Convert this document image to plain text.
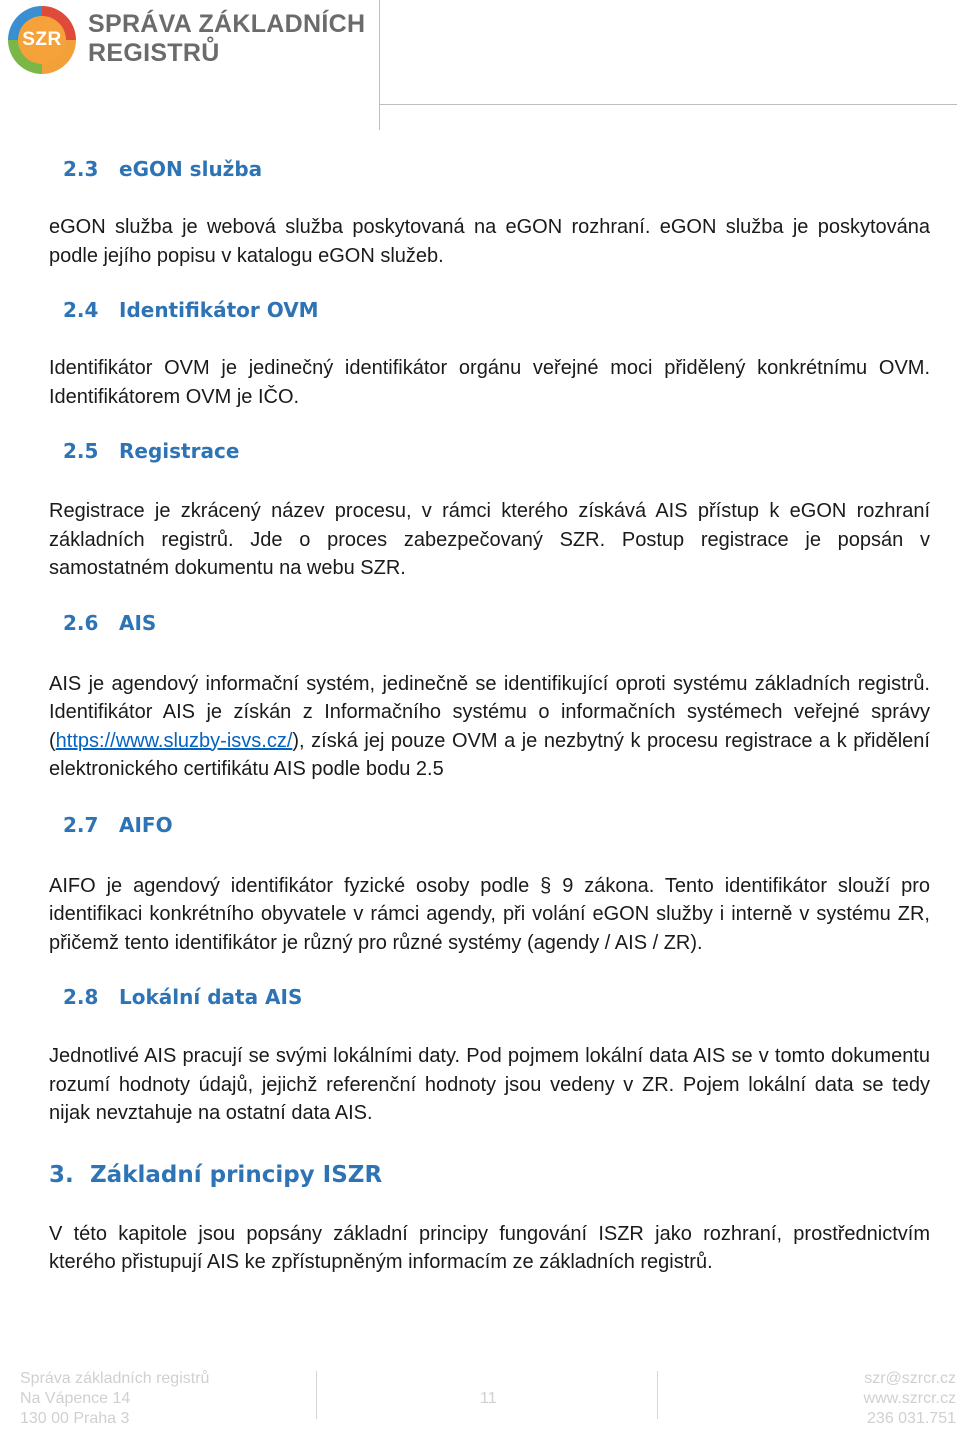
SZR
SPRÁVA ZÁKLADNÍCH
REGISTRŮ
2.3	eGON služba

eGON služba je webová služba poskytovaná na eGON rozhraní. eGON služba je poskytována podle jejího popisu v katalogu eGON služeb.

2.4	Identifikátor OVM

Identifikátor OVM je jedinečný identifikátor orgánu veřejné moci přidělený konkrétnímu OVM. Identifikátorem OVM je IČO.

2.5	Registrace

Registrace je zkrácený název procesu, v rámci kterého získává AIS přístup k eGON rozhraní základních registrů. Jde o proces zabezpečovaný SZR. Postup registrace je popsán v samostatném dokumentu na webu SZR.

2.6	AIS

AIS je agendový informační systém, jedinečně se identifikující oproti systému základních registrů. Identifikátor AIS je získán z Informačního systému o informačních systémech veřejné správy (https://www.sluzby-isvs.cz/), získá jej pouze OVM a je nezbytný k procesu registrace a k přidělení elektronického certifikátu AIS podle bodu 2.5

2.7	AIFO

AIFO je agendový identifikátor fyzické osoby podle § 9 zákona. Tento identifikátor slouží pro identifikaci konkrétního obyvatele v rámci agendy, při volání eGON služby i interně v systému ZR, přičemž tento identifikátor je různý pro různé systémy (agendy / AIS / ZR).

2.8	Lokální data AIS

Jednotlivé AIS pracují se svými lokálními daty. Pod pojmem lokální data AIS se v tomto dokumentu rozumí hodnoty údajů, jejichž referenční hodnoty jsou vedeny v ZR. Pojem lokální data se tedy nijak nevztahuje na ostatní data AIS.

3. Základní principy ISZR

V této kapitole jsou popsány základní principy fungování ISZR jako rozhraní, prostřednictvím kterého přistupují AIS ke zpřístupněným informacím ze základních registrů.

Správa základních registrů
Na Vápence 14
130 00 Praha 3
11
szr@szrcr.cz
www.szrcr.cz
236 031.751
